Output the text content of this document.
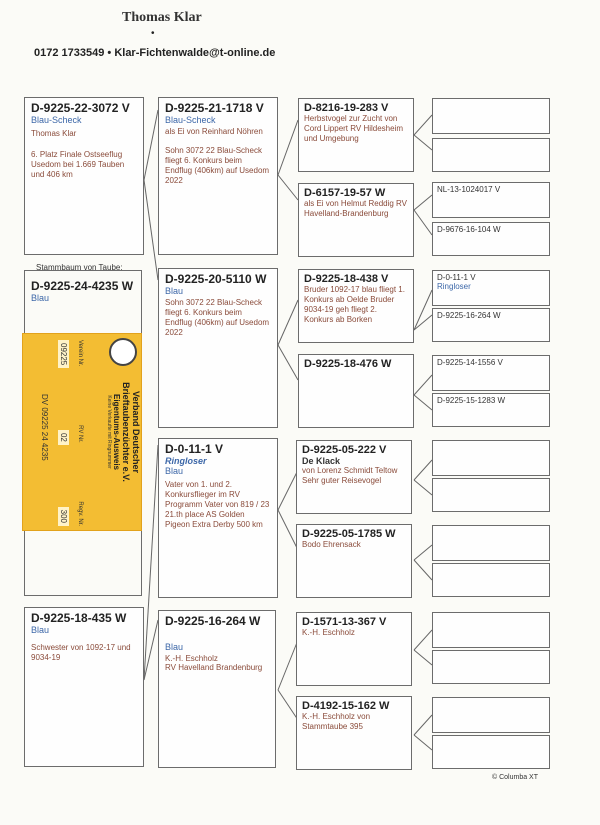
Thomas Klar
•
0172 1733549 • Klar-Fichtenwalde@t-online.de
D-9225-22-3072 V
Blau-Scheck
Thomas Klar
6. Platz Finale Ostseeflug Usedom bei 1.669 Tauben und 406 km
Stammbaum von Taube:
D-9225-24-4235 W
Blau
Verband Deutscher
Brieftaubenzüchter e.V.
Eigentums-Ausweis
Keine Verkaufte mit Ringnummer
Verein Nr.
RV Nr.
Regv. Nr.
09225
02
300
DV 09225 24 4235
D-9225-18-435 W
Blau
Schwester von 1092-17 und 9034-19
D-9225-21-1718 V
Blau-Scheck
als Ei von Reinhard Nöhren
Sohn 3072 22 Blau-Scheck fliegt 6. Konkurs beim Endflug (406km) auf Usedom 2022
D-9225-20-5110 W
Blau
Sohn 3072 22 Blau-Scheck fliegt 6. Konkurs beim Endflug (406km) auf Usedom 2022
D-0-11-1 V
Ringloser
Blau
Vater von 1. und 2. Konkursflieger im RV Programm Vater von 819 / 23 21.th place AS Golden Pigeon Extra Derby 500 km
D-9225-16-264 W
Blau
K.-H. Eschholz
RV Havelland Brandenburg
D-8216-19-283 V
Herbstvogel zur Zucht von Cord Lippert RV Hildesheim und Umgebung
D-6157-19-57 W
als Ei von Helmut Reddig RV Havelland-Brandenburg
D-9225-18-438 V
Bruder 1092-17 blau fliegt 1. Konkurs ab Oelde Bruder 9034-19 geh fliegt 2. Konkurs ab Borken
D-9225-18-476 W
D-9225-05-222 V
De Klack
von Lorenz Schmidt Teltow Sehr guter Reisevogel
D-9225-05-1785 W
Bodo Ehrensack
D-1571-13-367 V
K.-H. Eschholz
D-4192-15-162 W
K.-H. Eschholz von Stammtaube 395
NL-13-1024017 V
D-9676-16-104 W
D-0-11-1 V
Ringloser
D-9225-16-264 W
D-9225-14-1556 V
D-9225-15-1283 W
© Columba XT
